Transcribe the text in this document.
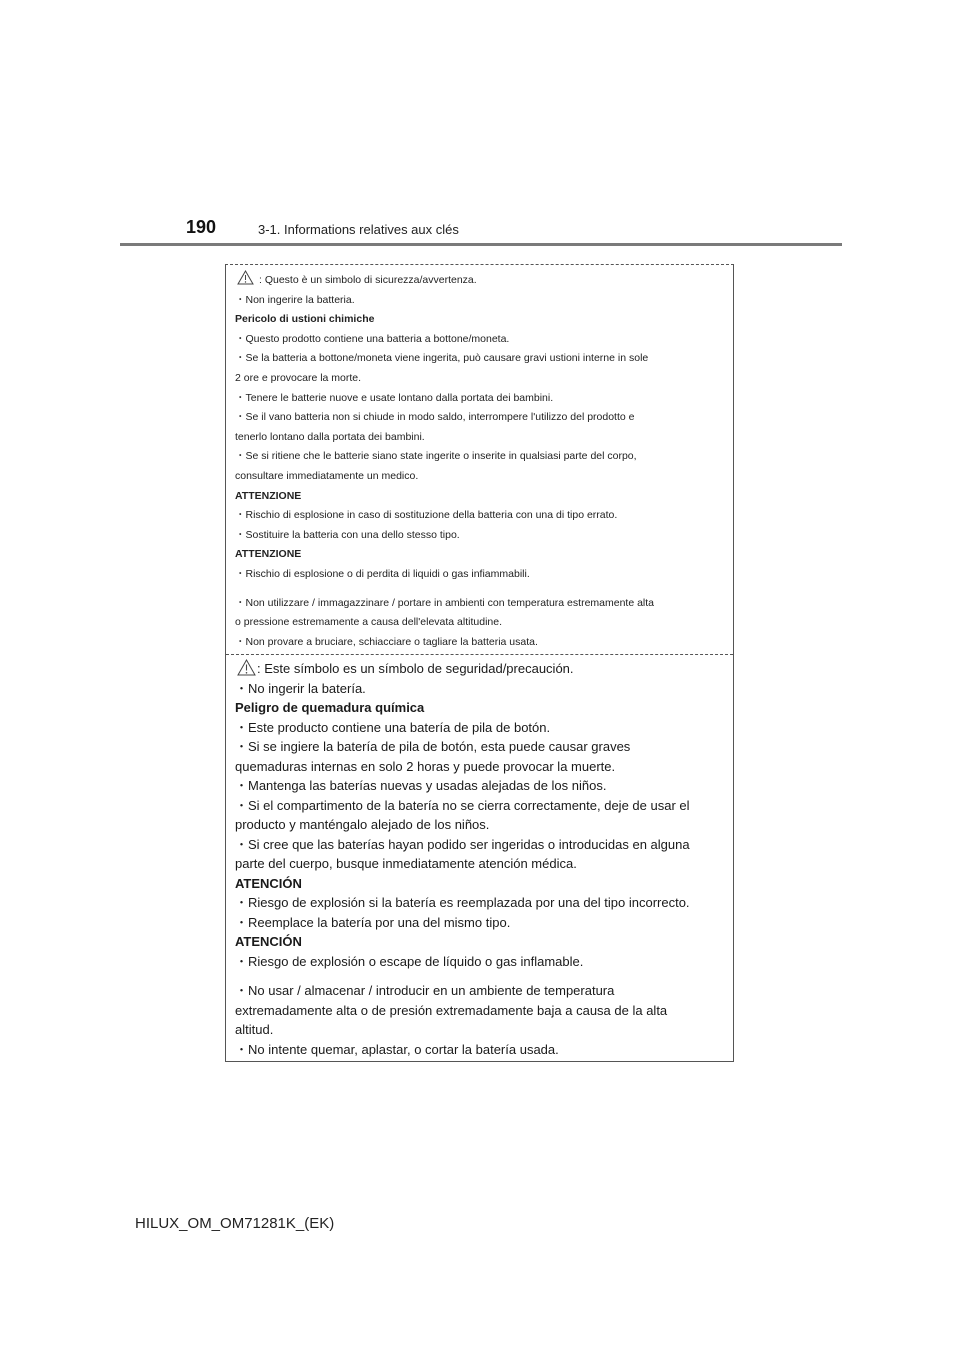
190	3-1. Informations relatives aux clés
: Questo è un simbolo di sicurezza/avvertenza.
・Non ingerire la batteria.
Pericolo di ustioni chimiche
・Questo prodotto contiene una batteria a bottone/moneta.
・Se la batteria a bottone/moneta viene ingerita, può causare gravi ustioni interne in sole
2 ore e provocare la morte.
・Tenere le batterie nuove e usate lontano dalla portata dei bambini.
・Se il vano batteria non si chiude in modo saldo, interrompere l'utilizzo del prodotto e
tenerlo lontano dalla portata dei bambini.
・Se si ritiene che le batterie siano state ingerite o inserite in qualsiasi parte del corpo,
consultare immediatamente un medico.
ATTENZIONE
・Rischio di esplosione in caso di sostituzione della batteria con una di tipo errato.
・Sostituire la batteria con una dello stesso tipo.
ATTENZIONE
・Rischio di esplosione o di perdita di liquidi o gas infiammabili.
・Non utilizzare / immagazzinare / portare in ambienti con temperatura estremamente alta
o pressione estremamente a causa dell'elevata altitudine.
・Non provare a bruciare, schiacciare o tagliare la batteria usata.
: Este símbolo es un símbolo de seguridad/precaución.
・No ingerir la batería.
Peligro de quemadura química
・Este producto contiene una batería de pila de botón.
・Si se ingiere la batería de pila de botón, esta puede causar graves
quemaduras internas en solo 2 horas y puede provocar la muerte.
・Mantenga las baterías nuevas y usadas alejadas de los niños.
・Si el compartimento de la batería no se cierra correctamente, deje de usar el
producto y manténgalo alejado de los niños.
・Si cree que las baterías hayan podido ser ingeridas o introducidas en alguna
parte del cuerpo, busque inmediatamente atención médica.
ATENCIÓN
・Riesgo de explosión si la batería es reemplazada por una del tipo incorrecto.
・Reemplace la batería por una del mismo tipo.
ATENCIÓN
・Riesgo de explosión o escape de líquido o gas inflamable.
・No usar / almacenar / introducir en un ambiente de temperatura
extremadamente alta o de presión extremadamente baja a causa de la alta
altitud.
・No intente quemar, aplastar, o cortar la batería usada.
HILUX_OM_OM71281K_(EK)
